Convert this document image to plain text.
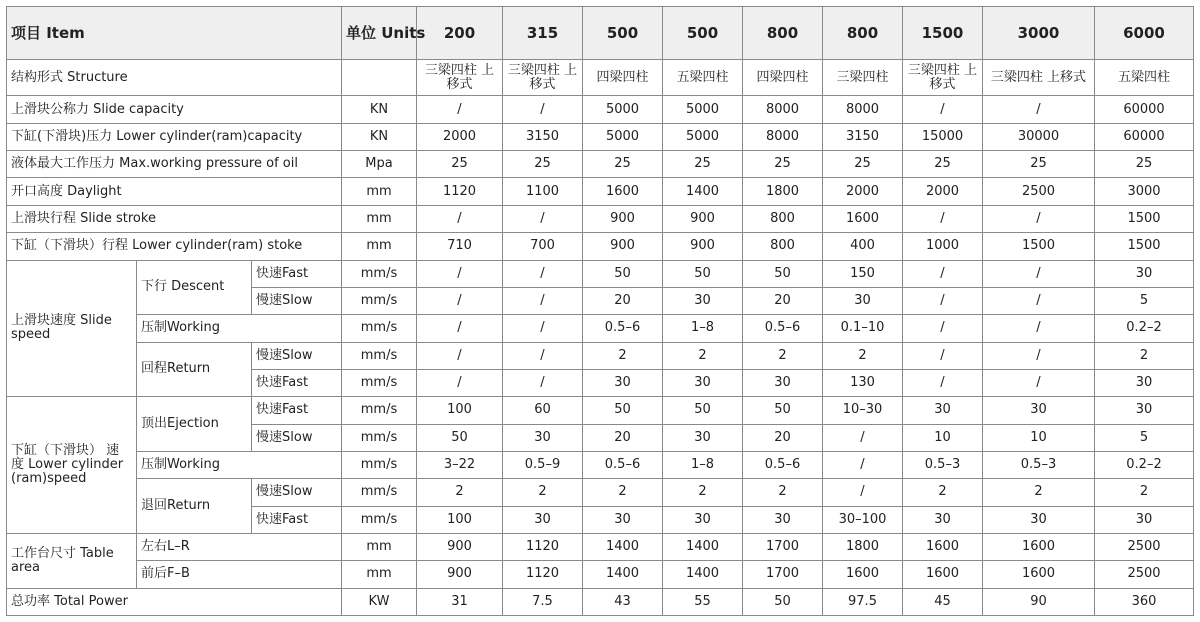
项目 Item			单位 Units	200	315	500	500	800	800	1500	3000	6000
结构形式 Structure				三梁四柱 上移式	三梁四柱 上移式	四梁四柱	五梁四柱	四梁四柱	三梁四柱	三梁四柱 上移式	三梁四柱 上移式	五梁四柱
上滑块公称力 Slide capacity			KN	/	/	5000	5000	8000	8000	/	/	60000
下缸(下滑块)压力 Lower cylinder(ram)capacity			KN	2000	3150	5000	5000	8000	3150	15000	30000	60000
液体最大工作压力 Max.working pressure of oil			Mpa	25	25	25	25	25	25	25	25	25
开口高度 Daylight			mm	1120	1100	1600	1400	1800	2000	2000	2500	3000
上滑块行程 Slide stroke			mm	/	/	900	900	800	1600	/	/	1500
下缸（下滑块）行程 Lower cylinder(ram) stoke			mm	710	700	900	900	800	400	1000	1500	1500
上滑块速度 Slide speed	下行 Descent	快速Fast	mm/s	/	/	50	50	50	150	/	/	30
		慢速Slow	mm/s	/	/	20	30	20	30	/	/	5
	压制Working		mm/s	/	/	0.5–6	1–8	0.5–6	0.1–10	/	/	0.2–2
	回程Return	慢速Slow	mm/s	/	/	2	2	2	2	/	/	2
		快速Fast	mm/s	/	/	30	30	30	130	/	/	30
下缸（下滑块） 速度 Lower cylinder (ram)speed	顶出Ejection	快速Fast	mm/s	100	60	50	50	50	10–30	30	30	30
		慢速Slow	mm/s	50	30	20	30	20	/	10	10	5
	压制Working		mm/s	3–22	0.5–9	0.5–6	1–8	0.5–6	/	0.5–3	0.5–3	0.2–2
	退回Return	慢速Slow	mm/s	2	2	2	2	2	/	2	2	2
		快速Fast	mm/s	100	30	30	30	30	30–100	30	30	30
工作台尺寸 Table area	左右L–R		mm	900	1120	1400	1400	1700	1800	1600	1600	2500
	前后F–B		mm	900	1120	1400	1400	1700	1600	1600	1600	2500
总功率 Total Power			KW	31	7.5	43	55	50	97.5	45	90	360
